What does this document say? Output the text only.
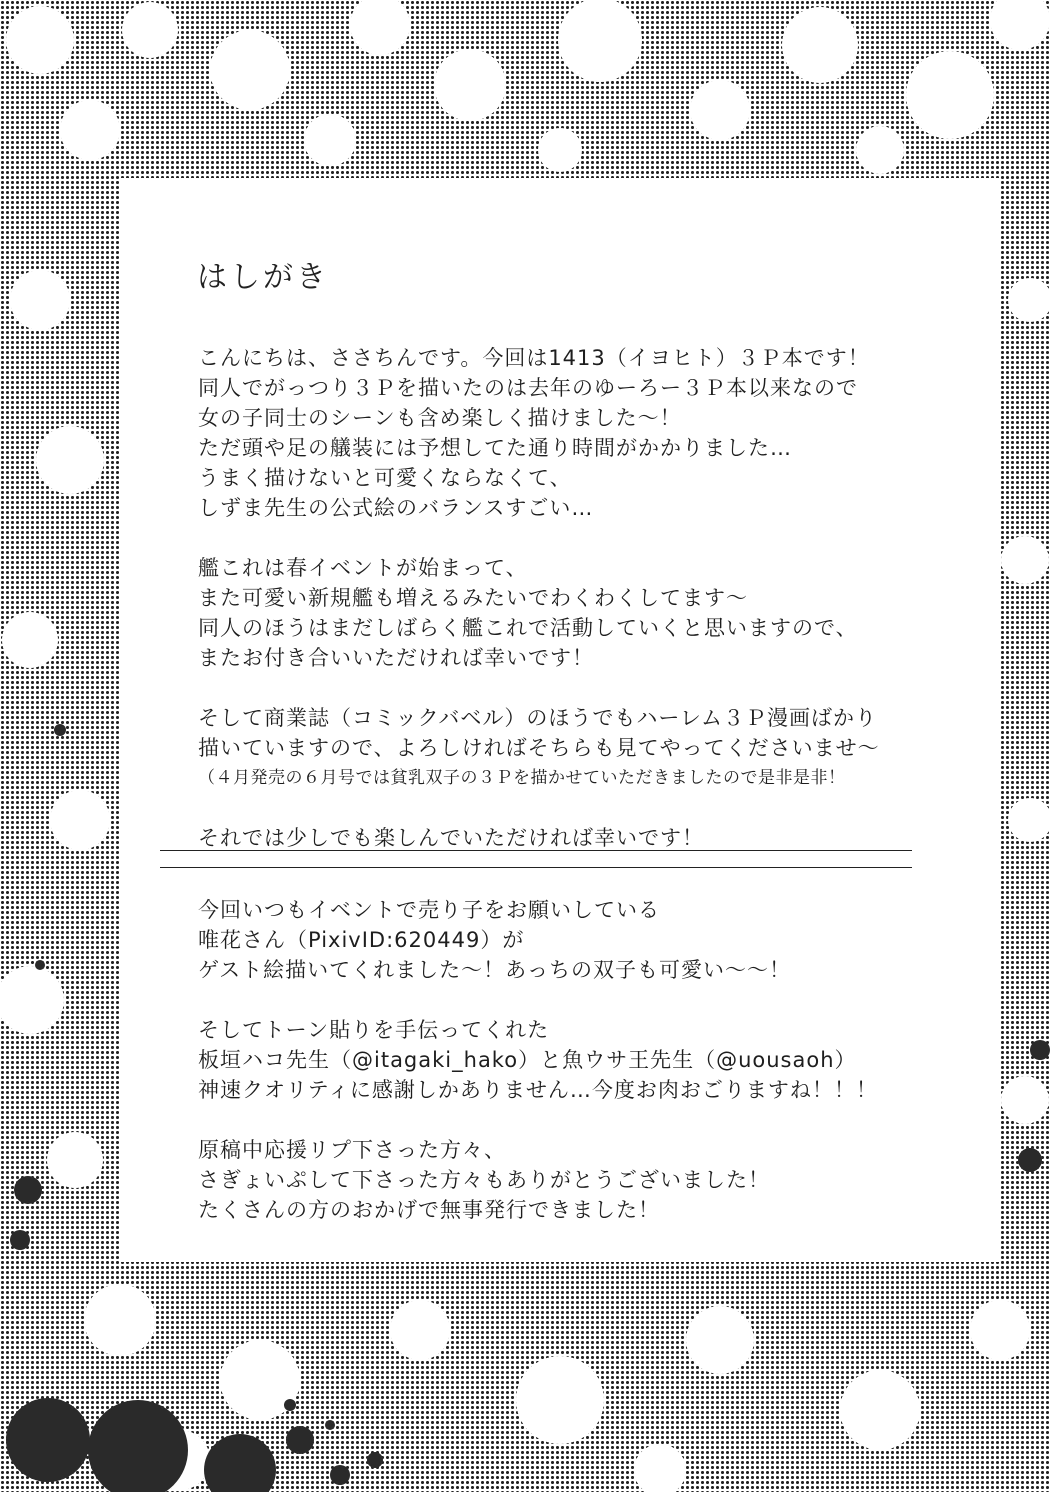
はしがき
こんにちは、ささちんです。今回は1413（イヨヒト）３Ｐ本です！
同人でがっつり３Ｐを描いたのは去年のゆーろー３Ｐ本以来なので
女の子同士のシーンも含め楽しく描けました～！
ただ頭や足の艤装には予想してた通り時間がかかりました…
うまく描けないと可愛くならなくて、
しずま先生の公式絵のバランスすごい…
艦これは春イベントが始まって、
また可愛い新規艦も増えるみたいでわくわくしてます～
同人のほうはまだしばらく艦これで活動していくと思いますので、
またお付き合いいただければ幸いです！
そして商業誌（コミックバベル）のほうでもハーレム３Ｐ漫画ばかり
描いていますので、よろしければそちらも見てやってくださいませ～
（４月発売の６月号では貧乳双子の３Ｐを描かせていただきましたので是非是非！
それでは少しでも楽しんでいただければ幸いです！
今回いつもイベントで売り子をお願いしている
唯花さん（PixivID:620449）が
ゲスト絵描いてくれました～！あっちの双子も可愛い～～！
そしてトーン貼りを手伝ってくれた
板垣ハコ先生（@itagaki_hako）と魚ウサ王先生（@uousaoh）
神速クオリティに感謝しかありません…今度お肉おごりますね！！！
原稿中応援リプ下さった方々、
さぎょいぷして下さった方々もありがとうございました！
たくさんの方のおかげで無事発行できました！
